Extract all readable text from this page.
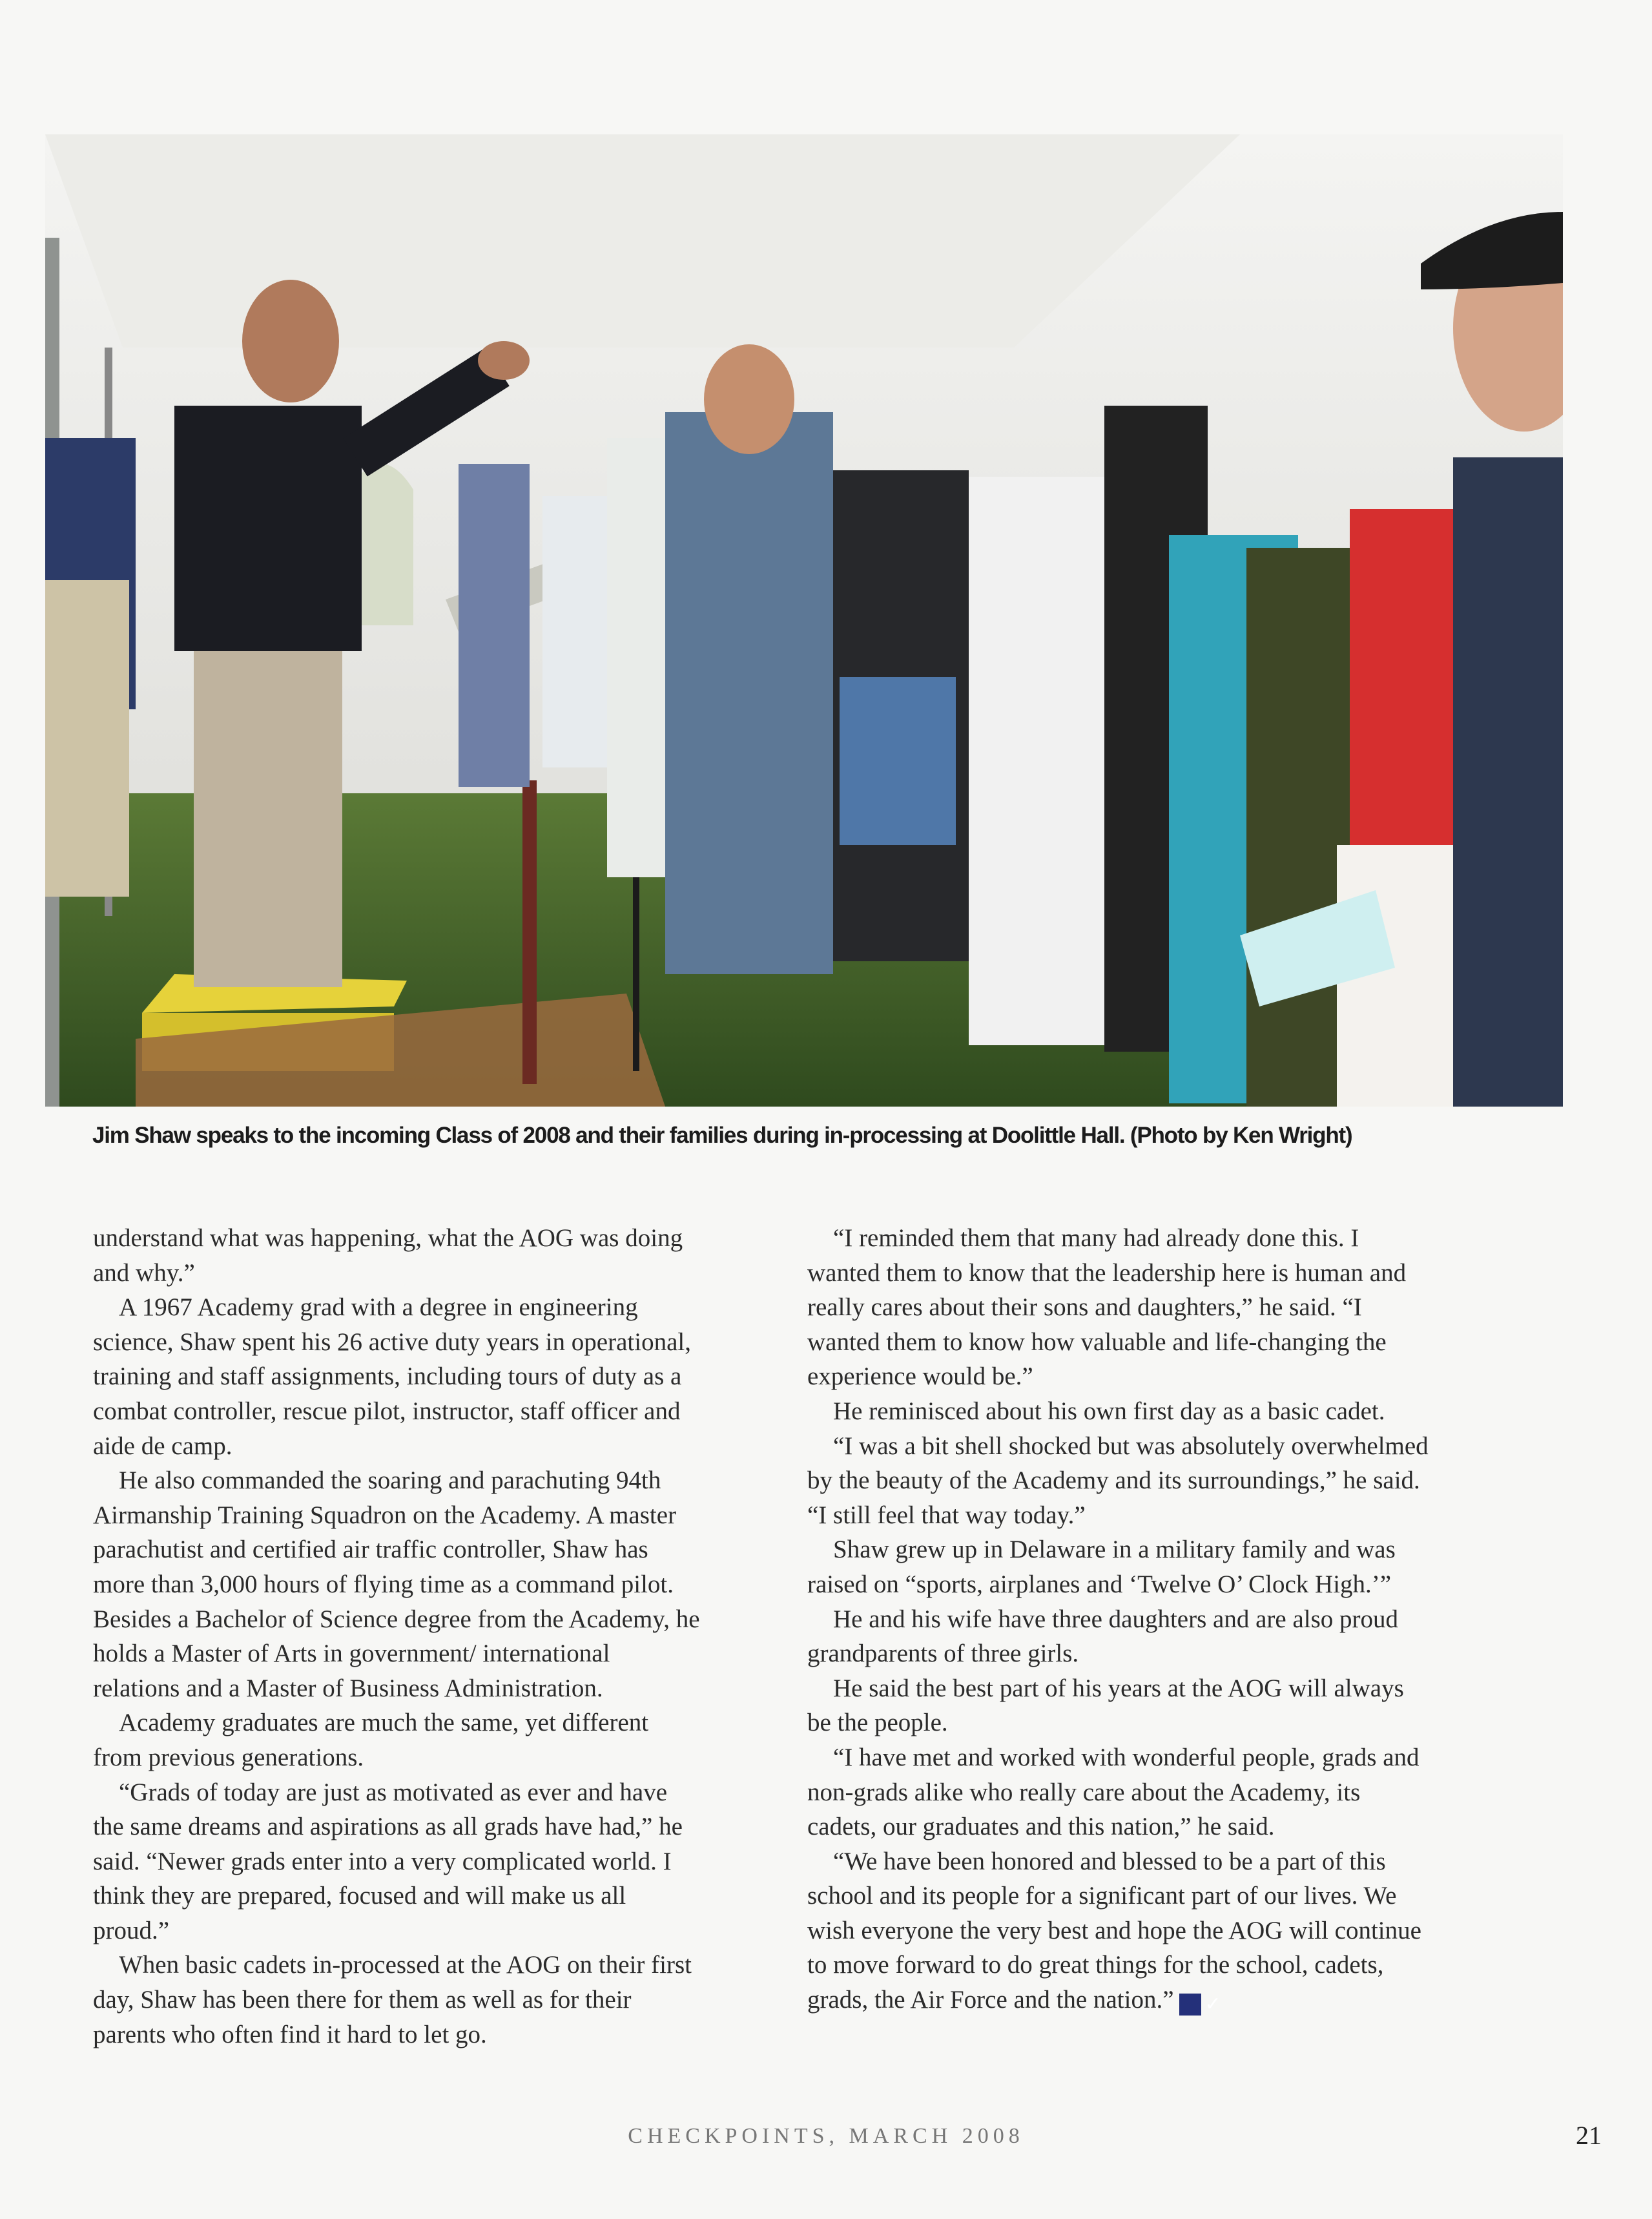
Jim Shaw speaks to the incoming Class of 2008 and their families during in-processing at Doolittle Hall. (Photo by Ken Wright)

understand what was happening, what the AOG was doing and why.”

A 1967 Academy grad with a degree in engineering science, Shaw spent his 26 active duty years in operational, training and staff assignments, including tours of duty as a combat controller, rescue pilot, instructor, staff officer and aide de camp.

He also commanded the soaring and parachuting 94th Airmanship Training Squadron on the Academy. A master parachutist and certified air traffic controller, Shaw has more than 3,000 hours of flying time as a command pilot. Besides a Bachelor of Science degree from the Academy, he holds a Master of Arts in government/ international relations and a Master of Business Administration.

Academy graduates are much the same, yet different from previous generations.

“Grads of today are just as motivated as ever and have the same dreams and aspirations as all grads have had,” he said. “Newer grads enter into a very complicated world. I think they are prepared, focused and will make us all proud.”

When basic cadets in-processed at the AOG on their first day, Shaw has been there for them as well as for their parents who often find it hard to let go.

“I reminded them that many had already done this. I wanted them to know that the leadership here is human and really cares about their sons and daughters,” he said. “I wanted them to know how valuable and life-changing the experience would be.”

He reminisced about his own first day as a basic cadet.

“I was a bit shell shocked but was absolutely overwhelmed by the beauty of the Academy and its surroundings,” he said. “I still feel that way today.”

Shaw grew up in Delaware in a military family and was raised on “sports, airplanes and ‘Twelve O’ Clock High.’”

He and his wife have three daughters and are also proud grandparents of three girls.

He said the best part of his years at the AOG will always be the people.

“I have met and worked with wonderful people, grads and non-grads alike who really care about the Academy, its cadets, our graduates and this nation,” he said.

“We have been honored and blessed to be a part of this school and its people for a significant part of our lives. We wish everyone the very best and hope the AOG will continue to move forward to do great things for the school, cadets, grads, the Air Force and the nation.” ✓

CHECKPOINTS, MARCH 2008	21
